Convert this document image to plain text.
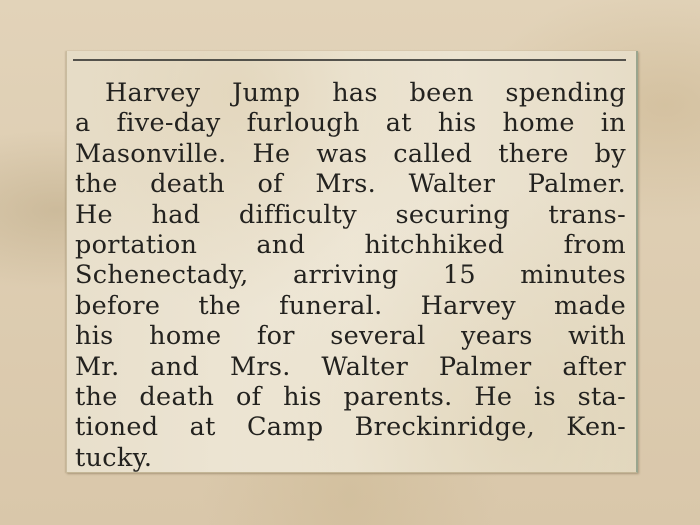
Harvey Jump has been spending
a five-day furlough at his home in
Masonville. He was called there by
the death of Mrs. Walter Palmer.
He had difficulty securing trans-
portation and hitchhiked from
Schenectady, arriving 15 minutes
before the funeral. Harvey made
his home for several years with
Mr. and Mrs. Walter Palmer after
the death of his parents. He is sta-
tioned at Camp Breckinridge, Ken-
tucky.
